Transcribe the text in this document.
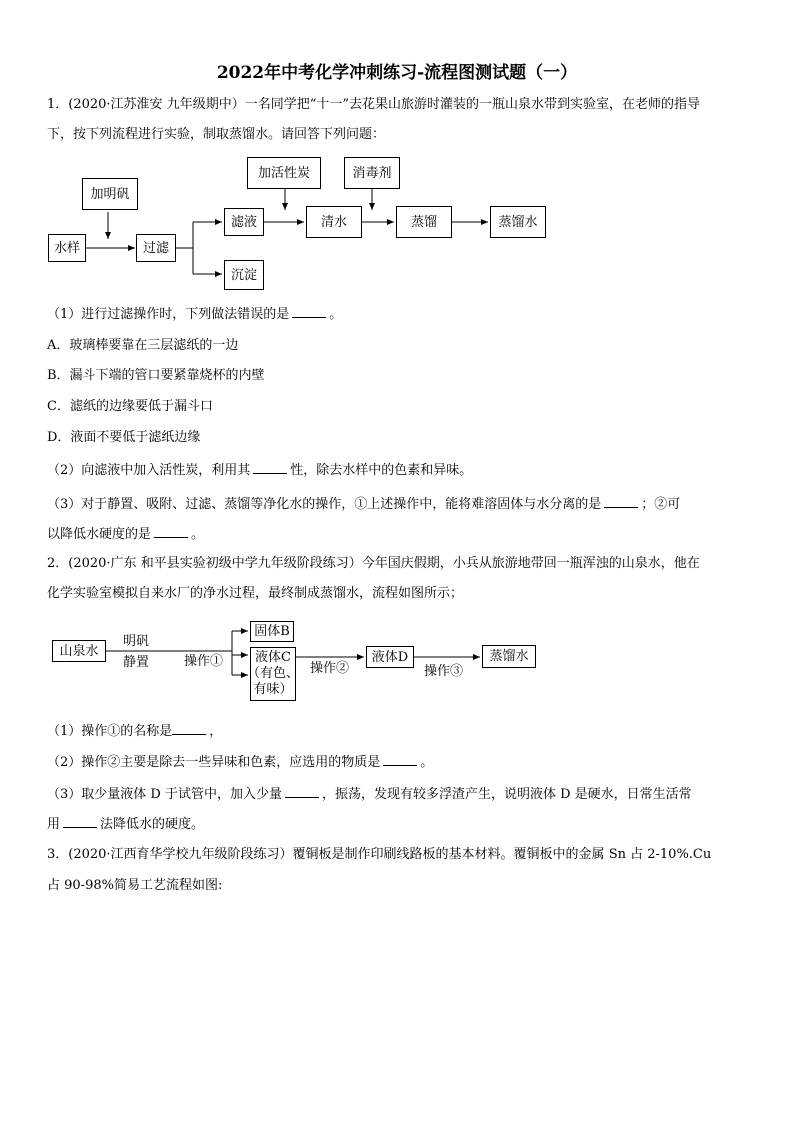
2022年中考化学冲刺练习-流程图测试题（一）
1．(2020·江苏淮安 九年级期中）一名同学把“十一”去花果山旅游时灌装的一瓶山泉水带到实验室，在老师的指导
下，按下列流程进行实验，制取蒸馏水。请回答下列问题：
加明矾
水样	过滤
滤液
沉淀
加活性炭
清水
消毒剂
蒸馏	蒸馏水
（1）进行过滤操作时，下列做法错误的是	。
A．玻璃棒要靠在三层滤纸的一边
B．漏斗下端的管口要紧靠烧杯的内壁
C．滤纸的边缘要低于漏斗口
D．液面不要低于滤纸边缘
（2）向滤液中加入活性炭，利用其	性，除去水样中的色素和异味。
（3）对于静置、吸附、过滤、蒸馏等净化水的操作，①上述操作中，能将难溶固体与水分离的是	；②可
以降低水硬度的是	。
2．(2020·广东 和平县实验初级中学九年级阶段练习）今年国庆假期，小兵从旅游地带回一瓶浑浊的山泉水，他在
化学实验室模拟自来水厂的净水过程，最终制成蒸馏水，流程如图所示；
山泉水
明矾
静置	操作①
固体B
液体C
（有色、
有味）
操作②
液体D
操作③
蒸馏水
（1）操作①的名称是	，
（2）操作②主要是除去一些异味和色素，应选用的物质是	。
（3）取少量液体 D 于试管中，加入少量	，振荡，发现有较多浮渣产生，说明液体 D 是硬水，日常生活常
用	法降低水的硬度。
3．(2020·江西育华学校九年级阶段练习）覆铜板是制作印刷线路板的基本材料。覆铜板中的金属 Sn 占 2-10%.Cu
占 90-98%简易工艺流程如图:
